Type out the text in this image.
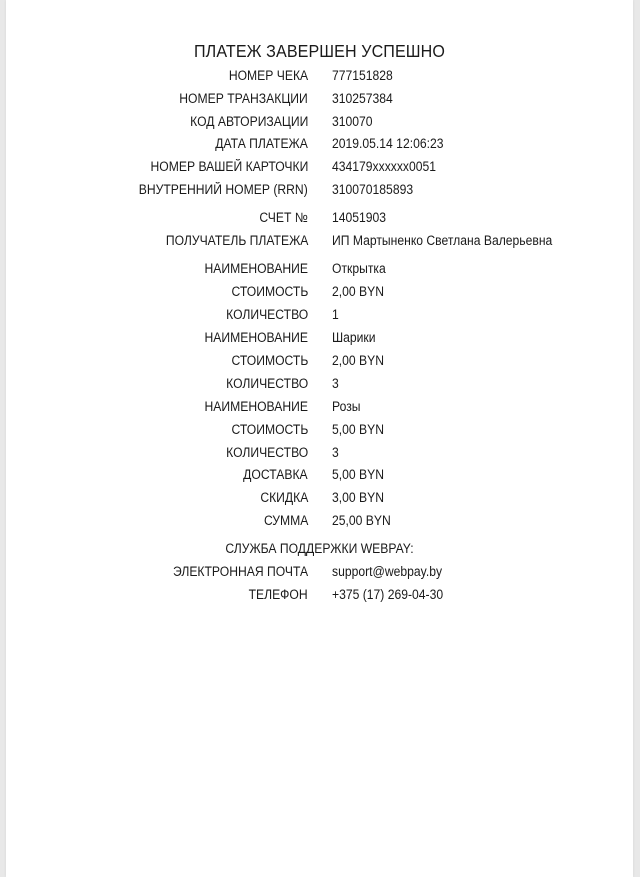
ПЛАТЕЖ ЗАВЕРШЕН УСПЕШНО
НОМЕР ЧЕКА 777151828
НОМЕР ТРАНЗАКЦИИ 310257384
КОД АВТОРИЗАЦИИ 310070
ДАТА ПЛАТЕЖА 2019.05.14 12:06:23
НОМЕР ВАШЕЙ КАРТОЧКИ 434179xxxxxx0051
ВНУТРЕННИЙ НОМЕР (RRN) 310070185893
СЧЕТ № 14051903
ПОЛУЧАТЕЛЬ ПЛАТЕЖА ИП Мартыненко Светлана Валерьевна
НАИМЕНОВАНИЕ Открытка
СТОИМОСТЬ 2,00 BYN
КОЛИЧЕСТВО 1
НАИМЕНОВАНИЕ Шарики
СТОИМОСТЬ 2,00 BYN
КОЛИЧЕСТВО 3
НАИМЕНОВАНИЕ Розы
СТОИМОСТЬ 5,00 BYN
КОЛИЧЕСТВО 3
ДОСТАВКА 5,00 BYN
СКИДКА 3,00 BYN
СУММА 25,00 BYN
СЛУЖБА ПОДДЕРЖКИ WEBPAY:
ЭЛЕКТРОННАЯ ПОЧТА support@webpay.by
ТЕЛЕФОН +375 (17) 269-04-30
